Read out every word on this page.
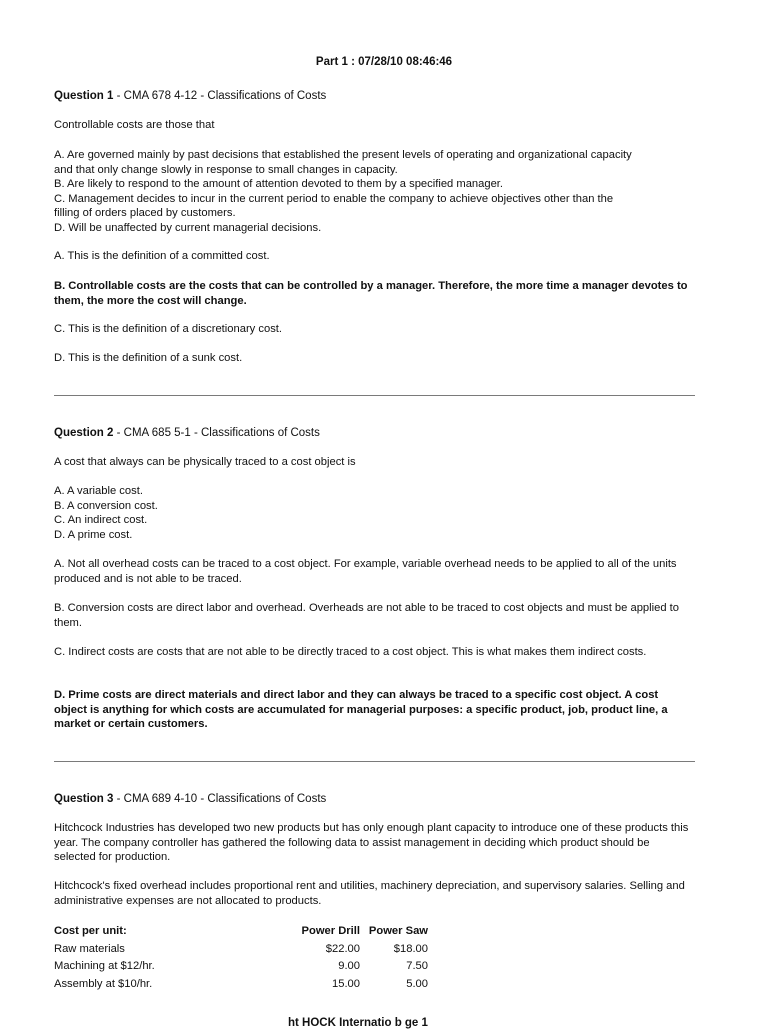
Part 1 : 07/28/10 08:46:46
Question 1 - CMA 678 4-12 - Classifications of Costs
Controllable costs are those that
A. Are governed mainly by past decisions that established the present levels of operating and organizational capacity
and that only change slowly in response to small changes in capacity.
B. Are likely to respond to the amount of attention devoted to them by a specified manager.
C. Management decides to incur in the current period to enable the company to achieve objectives other than the
filling of orders placed by customers.
D. Will be unaffected by current managerial decisions.
A. This is the definition of a committed cost.
B. Controllable costs are the costs that can be controlled by a manager. Therefore, the more time a manager devotes to them, the more the cost will change.
C. This is the definition of a discretionary cost.
D. This is the definition of a sunk cost.
Question 2 - CMA 685 5-1 - Classifications of Costs
A cost that always can be physically traced to a cost object is
A. A variable cost.
B. A conversion cost.
C. An indirect cost.
D. A prime cost.
A. Not all overhead costs can be traced to a cost object. For example, variable overhead needs to be applied to all of the units produced and is not able to be traced.
B. Conversion costs are direct labor and overhead. Overheads are not able to be traced to cost objects and must be applied to them.
C. Indirect costs are costs that are not able to be directly traced to a cost object. This is what makes them indirect costs.
D. Prime costs are direct materials and direct labor and they can always be traced to a specific cost object. A cost object is anything for which costs are accumulated for managerial purposes: a specific product, job, product line, a market or certain customers.
Question 3 - CMA 689 4-10 - Classifications of Costs
Hitchcock Industries has developed two new products but has only enough plant capacity to introduce one of these products this year. The company controller has gathered the following data to assist management in deciding which product should be selected for production.
Hitchcock's fixed overhead includes proportional rent and utilities, machinery depreciation, and supervisory salaries. Selling and administrative expenses are not allocated to products.
Cost per unit:	Power Drill	Power Saw
Raw materials	$22.00	$18.00
Machining at $12/hr.	9.00	7.50
Assembly at $10/hr.	15.00	5.00
ht HOCK Internatio b ge 1
